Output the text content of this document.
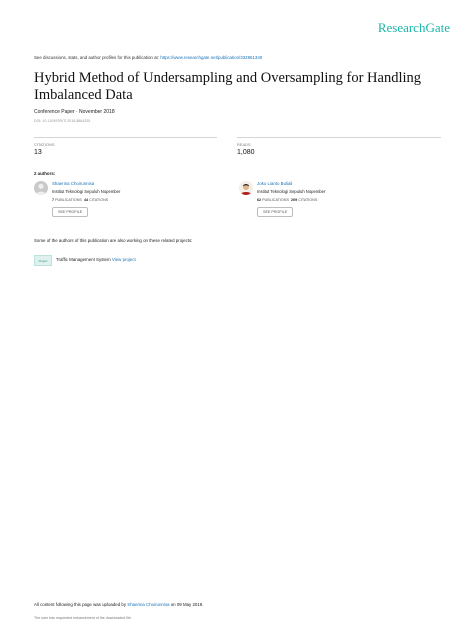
ResearchGate
See discussions, stats, and author profiles for this publication at: https://www.researchgate.net/publication/332861340
Hybrid Method of Undersampling and Oversampling for Handling Imbalanced Data
Conference Paper · November 2018
DOI: 10.1109/ISRITI.2018.8864335
CITATIONS
13
READS
1,080
2 authors:
Shaerina Choirunnisa
Institut Teknologi Sepuluh Nopember
7 PUBLICATIONS 44 CITATIONS
SEE PROFILE
Joko Lianto Buliali
Institut Teknologi Sepuluh Nopember
62 PUBLICATIONS 209 CITATIONS
SEE PROFILE
Some of the authors of this publication are also working on these related projects:
Project	Traffic Management System View project
All content following this page was uploaded by Shaerina Choirunnisa on 09 May 2019.
The user has requested enhancement of the downloaded file.
